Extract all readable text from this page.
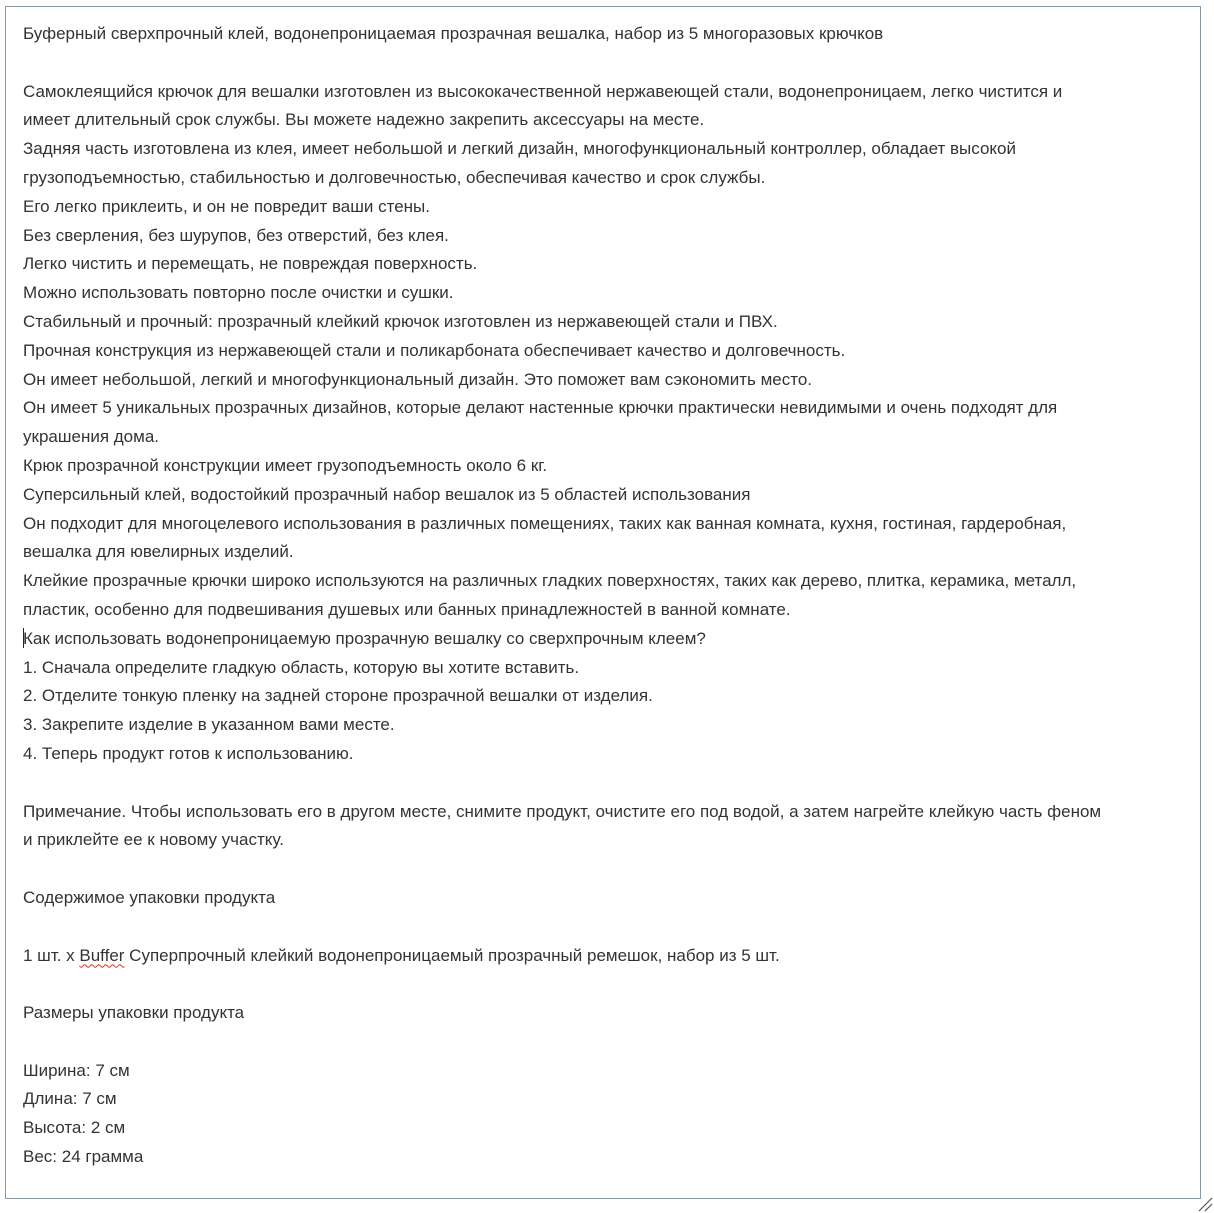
Буферный сверхпрочный клей, водонепроницаемая прозрачная вешалка, набор из 5 многоразовых крючков
Самоклеящийся крючок для вешалки изготовлен из высококачественной нержавеющей стали, водонепроницаем, легко чистится и
имеет длительный срок службы. Вы можете надежно закрепить аксессуары на месте.
Задняя часть изготовлена из клея, имеет небольшой и легкий дизайн, многофункциональный контроллер, обладает высокой
грузоподъемностью, стабильностью и долговечностью, обеспечивая качество и срок службы.
Его легко приклеить, и он не повредит ваши стены.
Без сверления, без шурупов, без отверстий, без клея.
Легко чистить и перемещать, не повреждая поверхность.
Можно использовать повторно после очистки и сушки.
Стабильный и прочный: прозрачный клейкий крючок изготовлен из нержавеющей стали и ПВХ.
Прочная конструкция из нержавеющей стали и поликарбоната обеспечивает качество и долговечность.
Он имеет небольшой, легкий и многофункциональный дизайн. Это поможет вам сэкономить место.
Он имеет 5 уникальных прозрачных дизайнов, которые делают настенные крючки практически невидимыми и очень подходят для
украшения дома.
Крюк прозрачной конструкции имеет грузоподъемность около 6 кг.
Суперсильный клей, водостойкий прозрачный набор вешалок из 5 областей использования
Он подходит для многоцелевого использования в различных помещениях, таких как ванная комната, кухня, гостиная, гардеробная,
вешалка для ювелирных изделий.
Клейкие прозрачные крючки широко используются на различных гладких поверхностях, таких как дерево, плитка, керамика, металл,
пластик, особенно для подвешивания душевых или банных принадлежностей в ванной комнате.
Как использовать водонепроницаемую прозрачную вешалку со сверхпрочным клеем?
1. Сначала определите гладкую область, которую вы хотите вставить.
2. Отделите тонкую пленку на задней стороне прозрачной вешалки от изделия.
3. Закрепите изделие в указанном вами месте.
4. Теперь продукт готов к использованию.
Примечание. Чтобы использовать его в другом месте, снимите продукт, очистите его под водой, а затем нагрейте клейкую часть феном
и приклейте ее к новому участку.
Содержимое упаковки продукта
1 шт. х Buffer Суперпрочный клейкий водонепроницаемый прозрачный ремешок, набор из 5 шт.
Размеры упаковки продукта
Ширина: 7 см
Длина: 7 см
Высота: 2 см
Вес: 24 грамма
